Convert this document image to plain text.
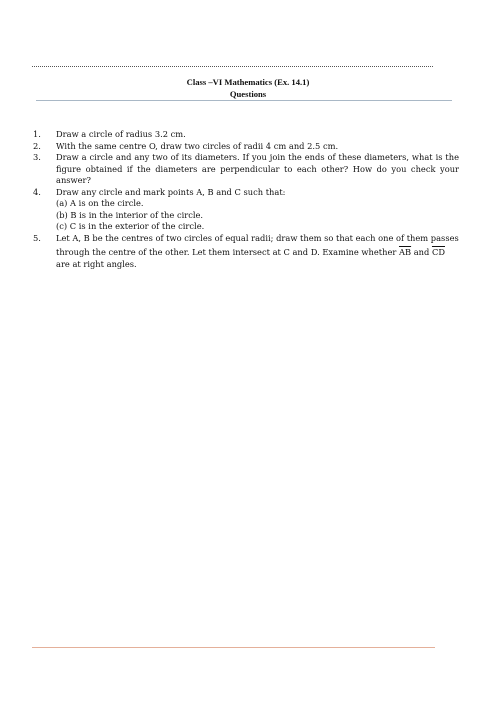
Class –VI Mathematics (Ex. 14.1)
Questions
1.	Draw a circle of radius 3.2 cm.
2.	With the same centre O, draw two circles of radii 4 cm and 2.5 cm.
3.	Draw a circle and any two of its diameters. If you join the ends of these diameters, what is the figure obtained if the diameters are perpendicular to each other? How do you check your answer?
4.	Draw any circle and mark points A, B and C such that:
(a) A is on the circle.
(b) B is in the interior of the circle.
(c) C is in the exterior of the circle.
5.	Let A, B be the centres of two circles of equal radii; draw them so that each one of them passes
through the centre of the other. Let them intersect at C and D. Examine whether $\overline{AB}$ and $\overline{CD}$
are at right angles.
